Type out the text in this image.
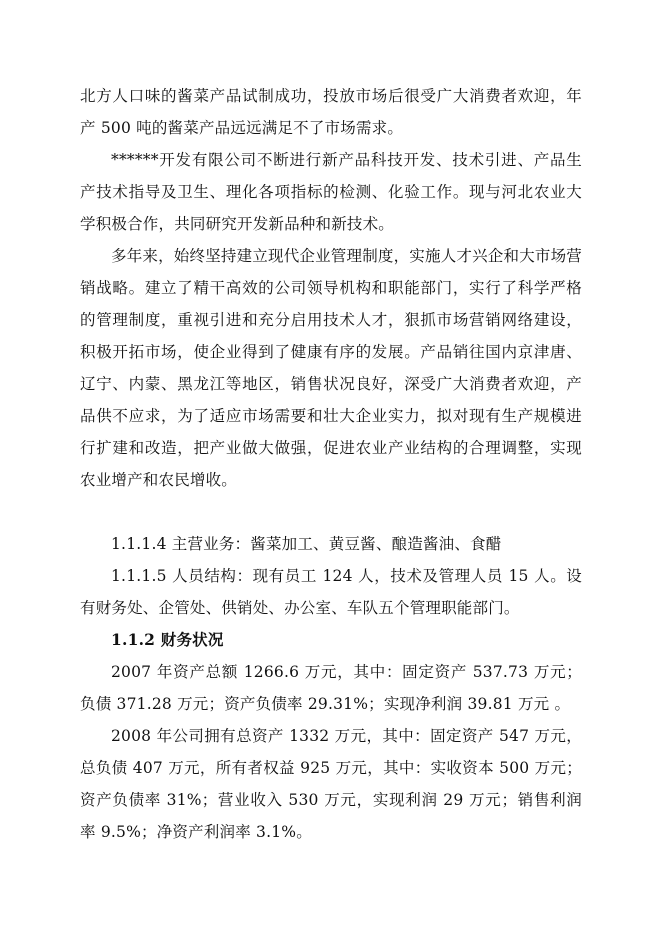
北方人口味的酱菜产品试制成功，投放市场后很受广大消费者欢迎，年产 500 吨的酱菜产品远远满足不了市场需求。

******开发有限公司不断进行新产品科技开发、技术引进、产品生产技术指导及卫生、理化各项指标的检测、化验工作。现与河北农业大学积极合作，共同研究开发新品种和新技术。

多年来，始终坚持建立现代企业管理制度，实施人才兴企和大市场营销战略。建立了精干高效的公司领导机构和职能部门，实行了科学严格的管理制度，重视引进和充分启用技术人才，狠抓市场营销网络建设，积极开拓市场，使企业得到了健康有序的发展。产品销往国内京津唐、辽宁、内蒙、黑龙江等地区，销售状况良好，深受广大消费者欢迎，产品供不应求，为了适应市场需要和壮大企业实力，拟对现有生产规模进行扩建和改造，把产业做大做强，促进农业产业结构的合理调整，实现农业增产和农民增收。

1.1.1.4 主营业务：酱菜加工、黄豆酱、酿造酱油、食醋

1.1.1.5 人员结构：现有员工 124 人，技术及管理人员 15 人。设有财务处、企管处、供销处、办公室、车队五个管理职能部门。

1.1.2 财务状况

2007 年资产总额 1266.6 万元，其中：固定资产 537.73 万元；负债 371.28 万元；资产负债率 29.31%；实现净利润 39.81 万元 。

2008 年公司拥有总资产 1332 万元，其中：固定资产 547 万元，总负债 407 万元，所有者权益 925 万元，其中：实收资本 500 万元；资产负债率 31%；营业收入 530 万元，实现利润 29 万元；销售利润率 9.5%；净资产利润率 3.1%。
